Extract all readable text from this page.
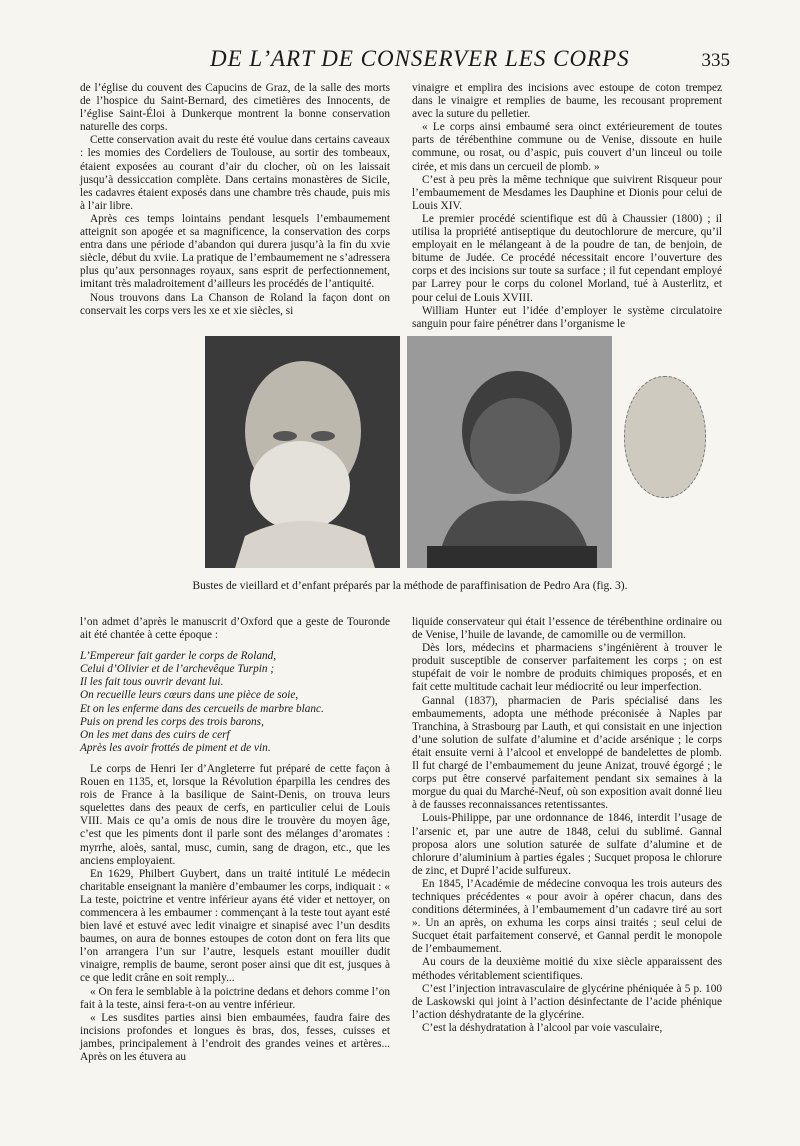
DE L’ART DE CONSERVER LES CORPS	335

de l’église du couvent des Capucins de Graz, de la salle des morts de l’hospice du Saint-Bernard, des cimetières des Innocents, de l’église Saint-Éloi à Dunkerque montrent la bonne conservation naturelle des corps.

Cette conservation avait du reste été voulue dans certains caveaux : les momies des Cordeliers de Toulouse, au sortir des tombeaux, étaient exposées au courant d’air du clocher, où on les laissait jusqu’à dessiccation complète. Dans certains monastères de Sicile, les cadavres étaient exposés dans une chambre très chaude, puis mis à l’air libre.

Après ces temps lointains pendant lesquels l’embaumement atteignit son apogée et sa magnificence, la conservation des corps entra dans une période d’abandon qui durera jusqu’à la fin du xvie siècle, début du xviie. La pratique de l’embaumement ne s’adressera plus qu’aux personnages royaux, sans esprit de perfectionnement, imitant très maladroitement d’ailleurs les procédés de l’antiquité.

Nous trouvons dans La Chanson de Roland la façon dont on conservait les corps vers les xe et xie siècles, si

vinaigre et emplira des incisions avec estoupe de coton trempez dans le vinaigre et remplies de baume, les recousant proprement avec la suture du pelletier.

« Le corps ainsi embaumé sera oinct extérieurement de toutes parts de térébenthine commune ou de Venise, dissoute en huile commune, ou rosat, ou d’aspic, puis couvert d’un linceul ou toile cirée, et mis dans un cercueil de plomb. »

C’est à peu près la même technique que suivirent Risqueur pour l’embaumement de Mesdames les Dauphine et Dionis pour celui de Louis XIV.

Le premier procédé scientifique est dû à Chaussier (1800) ; il utilisa la propriété antiseptique du deutochlorure de mercure, qu’il employait en le mélangeant à de la poudre de tan, de benjoin, de bitume de Judée. Ce procédé nécessitait encore l’ouverture des corps et des incisions sur toute sa surface ; il fut cependant employé par Larrey pour le corps du colonel Morland, tué à Austerlitz, et pour celui de Louis XVIII.

William Hunter eut l’idée d’employer le système circulatoire sanguin pour faire pénétrer dans l’organisme le

Bustes de vieillard et d’enfant préparés par la méthode de paraffinisation de Pedro Ara (fig. 3).

l’on admet d’après le manuscrit d’Oxford que a geste de Touronde ait été chantée à cette époque :

L’Empereur fait garder le corps de Roland,
Celui d’Olivier et de l’archevêque Turpin ;
Il les fait tous ouvrir devant lui.
On recueille leurs cœurs dans une pièce de soie,
Et on les enferme dans des cercueils de marbre blanc.
Puis on prend les corps des trois barons,
On les met dans des cuirs de cerf
Après les avoir frottés de piment et de vin.

Le corps de Henri Ier d’Angleterre fut préparé de cette façon à Rouen en 1135, et, lorsque la Révolution éparpilla les cendres des rois de France à la basilique de Saint-Denis, on trouva leurs squelettes dans des peaux de cerfs, en particulier celui de Louis VIII. Mais ce qu’a omis de nous dire le trouvère du moyen âge, c’est que les piments dont il parle sont des mélanges d’aromates : myrrhe, aloès, santal, musc, cumin, sang de dragon, etc., que les anciens employaient.

En 1629, Philbert Guybert, dans un traité intitulé Le médecin charitable enseignant la manière d’embaumer les corps, indiquait : « La teste, poictrine et ventre inférieur ayans été vider et nettoyer, on commencera à les embaumer : commençant à la teste tout ayant esté bien lavé et estuvé avec ledit vinaigre et sinapisé avec l’un desdits baumes, on aura de bonnes estoupes de coton dont on fera lits que l’on arrangera l’un sur l’autre, lesquels estant mouiller dudit vinaigre, remplis de baume, seront poser ainsi que dit est, jusques à ce que ledit crâne en soit remply...

« On fera le semblable à la poictrine dedans et dehors comme l’on fait à la teste, ainsi fera-t-on au ventre inférieur.

« Les susdites parties ainsi bien embaumées, faudra faire des incisions profondes et longues ès bras, dos, fesses, cuisses et jambes, principalement à l’endroit des grandes veines et artères... Après on les étuvera au

liquide conservateur qui était l’essence de térébenthine ordinaire ou de Venise, l’huile de lavande, de camomille ou de vermillon.

Dès lors, médecins et pharmaciens s’ingénièrent à trouver le produit susceptible de conserver parfaitement les corps ; on est stupéfait de voir le nombre de produits chimiques proposés, et en fait cette multitude cachait leur médiocrité ou leur imperfection.

Gannal (1837), pharmacien de Paris spécialisé dans les embaumements, adopta une méthode préconisée à Naples par Tranchina, à Strasbourg par Lauth, et qui consistait en une injection d’une solution de sulfate d’alumine et d’acide arsénique ; le corps était ensuite verni à l’alcool et enveloppé de bandelettes de plomb. Il fut chargé de l’embaumement du jeune Anizat, trouvé égorgé ; le corps put être conservé parfaitement pendant six semaines à la morgue du quai du Marché-Neuf, où son exposition avait donné lieu à de fausses reconnaissances retentissantes.

Louis-Philippe, par une ordonnance de 1846, interdit l’usage de l’arsenic et, par une autre de 1848, celui du sublimé. Gannal proposa alors une solution saturée de sulfate d’alumine et de chlorure d’aluminium à parties égales ; Sucquet proposa le chlorure de zinc, et Dupré l’acide sulfureux.

En 1845, l’Académie de médecine convoqua les trois auteurs des techniques précédentes « pour avoir à opérer chacun, dans des conditions déterminées, à l’embaumement d’un cadavre tiré au sort ». Un an après, on exhuma les corps ainsi traités ; seul celui de Sucquet était parfaitement conservé, et Gannal perdit le monopole de l’embaumement.

Au cours de la deuxième moitié du xixe siècle apparaissent des méthodes véritablement scientifiques.

C’est l’injection intravasculaire de glycérine phéniquée à 5 p. 100 de Laskowski qui joint à l’action désinfectante de l’acide phénique l’action déshydratante de la glycérine.

C’est la déshydratation à l’alcool par voie vasculaire,
